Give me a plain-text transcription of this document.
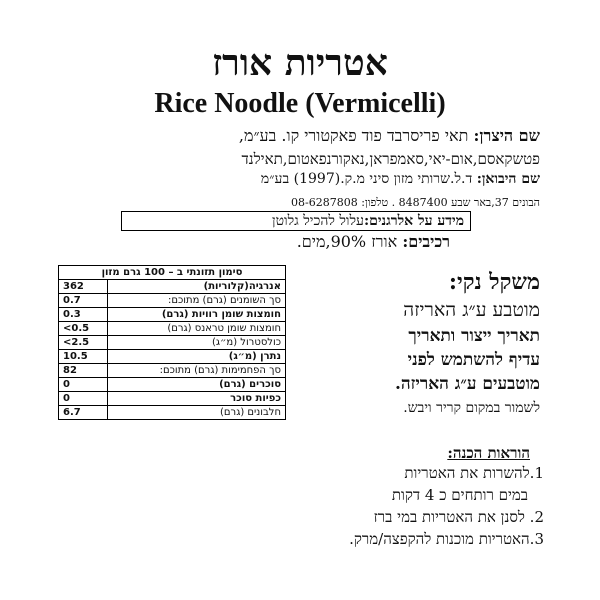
אטריות אורז
Rice Noodle (Vermicelli)
שם היצרן: תאי פריסרבד פוד פאקטורי קו. בע״מ,
פטשקאסם,אום-יאי,סאמפראן,נאקורנפאטום,תאילנד
שם היבואן: ד.ל.שרותי מזון סיני מ.ק.(1997) בע״מ
הבונים 37,באר שבע 8487400 . טלפון: 08-6287808
מידע על אלרגנים:עלול להכיל גלוטן
רכיבים: אורז 90%,מים.
סימון תזונתי ב – 100 גרם מזון	
אנרגיה(קלוריות)	362
סך השומנים (גרם) מתוכם:	0.7
חומצות שומן רוויות (גרם)	0.3
חומצות שומן טראנס (גרם)	<0.5
כולסטרול (מ״ג)	<2.5
נתרן (מ״ג)	10.5
סך הפחמימות (גרם) מתוכם:	82
סוכרים (גרם)	0
כפיות סוכר	0
חלבונים (גרם)	6.7

משקל נקי:

מוטבע ע״ג האריזה

תאריך ייצור ותאריך

עדיף להשתמש לפני

מוטבעים ע״ג האריזה.

לשמור במקום קריר ויבש.

הוראות הכנה:
1.להשרות את האטריות
במים רותחים כ 4 דקות
2. לסנן את האטריות במי ברז
3.האטריות מוכנות להקפצה/מרק.
